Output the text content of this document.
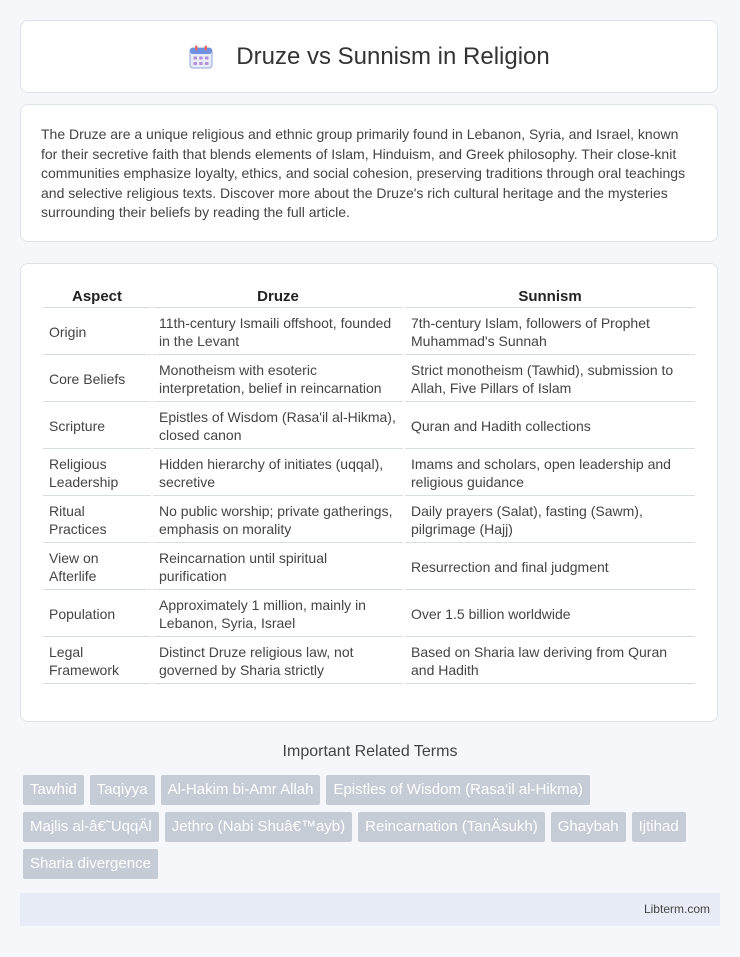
Druze vs Sunnism in Religion

The Druze are a unique religious and ethnic group primarily found in Lebanon, Syria, and Israel, known for their secretive faith that blends elements of Islam, Hinduism, and Greek philosophy. Their close-knit communities emphasize loyalty, ethics, and social cohesion, preserving traditions through oral teachings and selective religious texts. Discover more about the Druze's rich cultural heritage and the mysteries surrounding their beliefs by reading the full article.

Aspect	Druze	Sunnism
Origin	11th-century Ismaili offshoot, founded in the Levant	7th-century Islam, followers of Prophet Muhammad's Sunnah
Core Beliefs	Monotheism with esoteric interpretation, belief in reincarnation	Strict monotheism (Tawhid), submission to Allah, Five Pillars of Islam
Scripture	Epistles of Wisdom (Rasa'il al-Hikma), closed canon	Quran and Hadith collections
Religious Leadership	Hidden hierarchy of initiates (uqqal), secretive	Imams and scholars, open leadership and religious guidance
Ritual Practices	No public worship; private gatherings, emphasis on morality	Daily prayers (Salat), fasting (Sawm), pilgrimage (Hajj)
View on Afterlife	Reincarnation until spiritual purification	Resurrection and final judgment
Population	Approximately 1 million, mainly in Lebanon, Syria, Israel	Over 1.5 billion worldwide
Legal Framework	Distinct Druze religious law, not governed by Sharia strictly	Based on Sharia law deriving from Quran and Hadith
Important Related Terms
Tawhid	Taqiyya	Al-Hakim bi-Amr Allah	Epistles of Wisdom (Rasa'il al-Hikma)
Majlis al-â€˜UqqÄl	Jethro (Nabi Shuâ€™ayb)	Reincarnation (TanÄsukh)	Ghaybah	Ijtihad
Sharia divergence
Libterm.com
